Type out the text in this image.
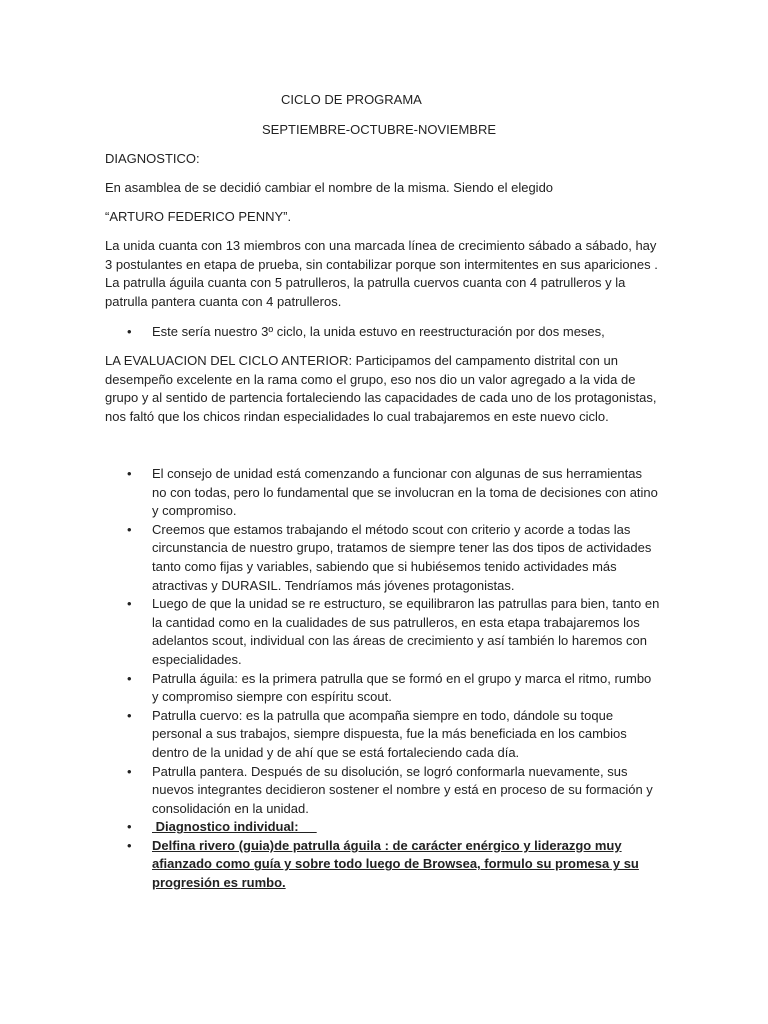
CICLO DE PROGRAMA
SEPTIEMBRE-OCTUBRE-NOVIEMBRE
DIAGNOSTICO:
En asamblea de se decidió cambiar el nombre de la misma. Siendo el elegido
“ARTURO FEDERICO PENNY”.
La unida cuanta con 13 miembros con una marcada línea de crecimiento sábado a sábado, hay 3 postulantes en etapa de prueba, sin contabilizar porque son intermitentes en sus apariciones . La patrulla águila cuanta con 5 patrulleros, la patrulla cuervos cuanta con 4 patrulleros y la patrulla pantera cuanta con 4 patrulleros.
• Este sería nuestro 3º ciclo, la unida estuvo en reestructuración por dos meses,
LA EVALUACION DEL CICLO ANTERIOR: Participamos del campamento distrital con un desempeño excelente en la rama como el grupo, eso nos dio un valor agregado a la vida de grupo y al sentido de partencia fortaleciendo las capacidades de cada uno de los protagonistas, nos faltó que los chicos rindan especialidades lo cual trabajaremos en este nuevo ciclo.
• El consejo de unidad está comenzando a funcionar con algunas de sus herramientas no con todas, pero lo fundamental que se involucran en la toma de decisiones con atino y compromiso.
• Creemos que estamos trabajando el método scout con criterio y acorde a todas las circunstancia de nuestro grupo, tratamos de siempre tener las dos tipos de actividades tanto como fijas y variables, sabiendo que si hubiésemos tenido actividades más atractivas y DURASIL. Tendríamos más jóvenes protagonistas.
• Luego de que la unidad se re estructuro, se equilibraron las patrullas para bien, tanto en la cantidad como en la cualidades de sus patrulleros, en esta etapa trabajaremos los adelantos scout, individual con las áreas de crecimiento y así también lo haremos con especialidades.
• Patrulla águila: es la primera patrulla que se formó en el grupo y marca el ritmo, rumbo y compromiso siempre con espíritu scout.
• Patrulla cuervo: es la patrulla que acompaña siempre en todo, dándole su toque personal a sus trabajos, siempre dispuesta, fue la más beneficiada en los cambios dentro de la unidad y de ahí que se está fortaleciendo cada día.
• Patrulla pantera. Después de su disolución, se logró conformarla nuevamente, sus nuevos integrantes decidieron sostener el nombre y está en proceso de su formación y consolidación en la unidad.
• Diagnostico individual:
• Delfina rivero (guia)de patrulla águila : de carácter enérgico y liderazgo muy afianzado como guía y sobre todo luego de Browsea, formulo su promesa y su progresión es rumbo.
